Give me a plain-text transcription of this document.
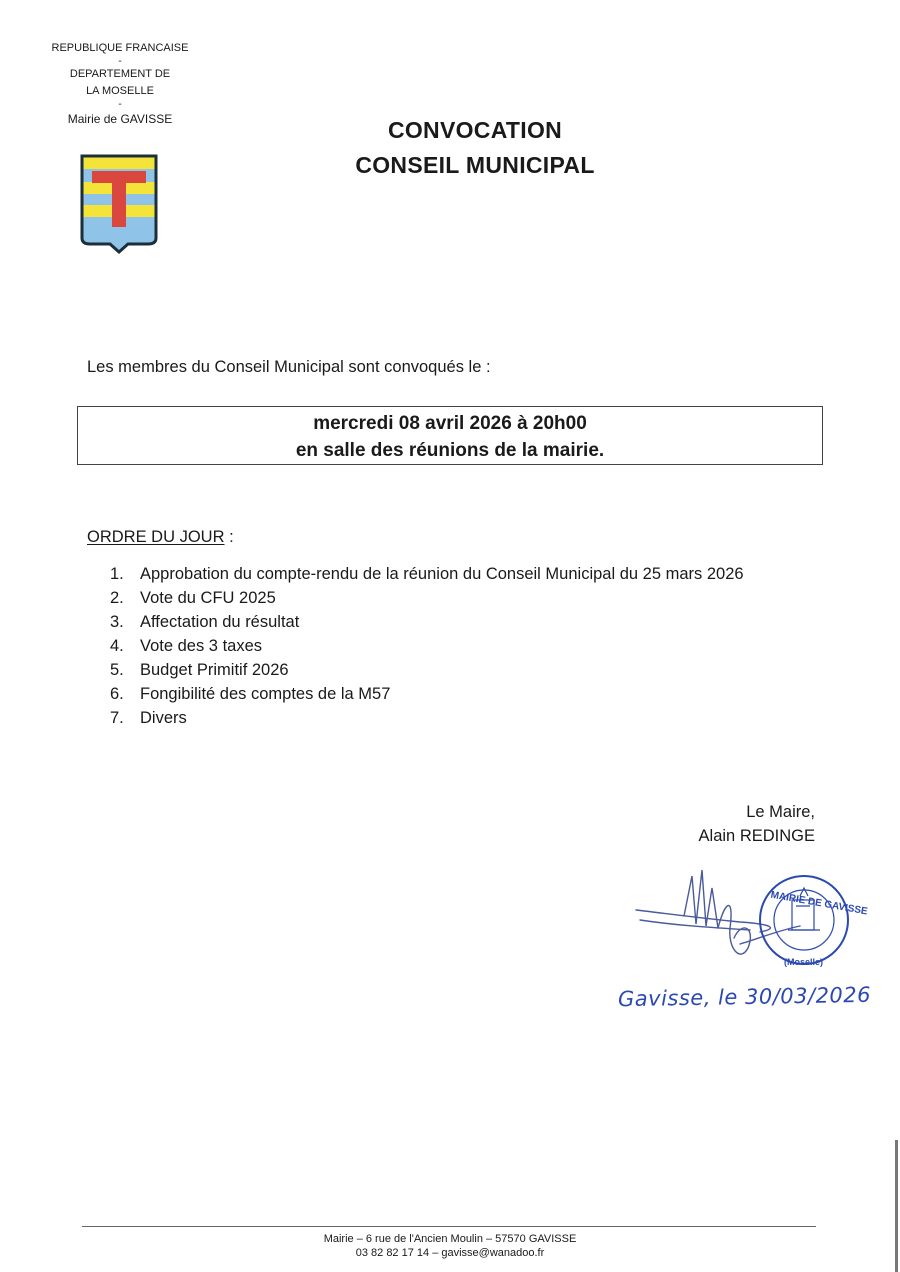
REPUBLIQUE FRANCAISE
-
DEPARTEMENT DE
LA MOSELLE
-
Mairie de GAVISSE	CONVOCATION
CONSEIL MUNICIPAL
Les membres du Conseil Municipal sont convoqués le :
mercredi 08 avril 2026 à 20h00
en salle des réunions de la mairie.
ORDRE DU JOUR :
1. Approbation du compte-rendu de la réunion du Conseil Municipal du 25 mars 2026
2. Vote du CFU 2025
3. Affectation du résultat
4. Vote des 3 taxes
5. Budget Primitif 2026
6. Fongibilité des comptes de la M57
7. Divers
Le Maire,
Alain REDINGE
MAIRIE DE GAVISSE
(Moselle)
Gavisse, le 30/03/2026
Mairie – 6 rue de l'Ancien Moulin – 57570 GAVISSE
03 82 82 17 14 – gavisse@wanadoo.fr
